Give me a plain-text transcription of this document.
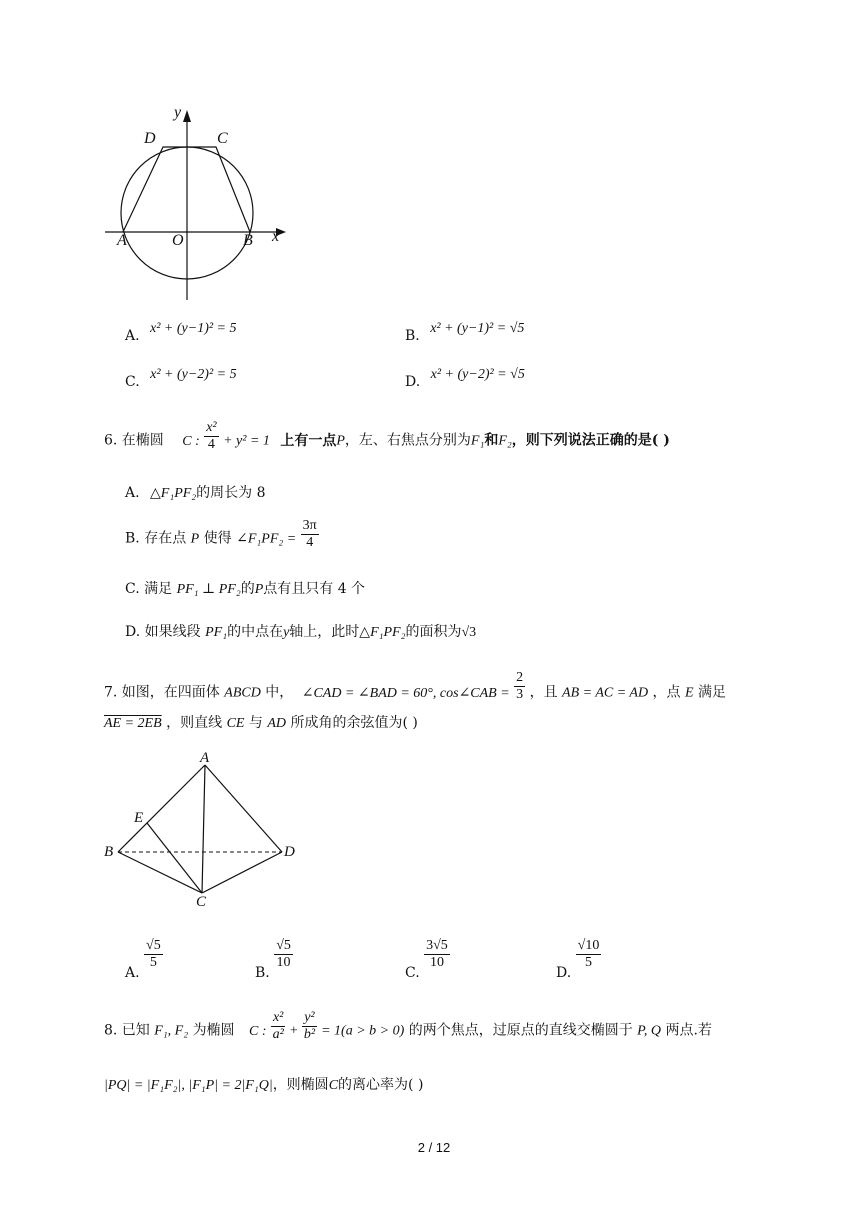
y
x
D	C
A	O	B
A. x² + (y−1)² = 5	B. x² + (y−1)² = √5
C. x² + (y−2)² = 5	D. x² + (y−2)² = √5
6. 在椭圆 C : $\frac{\text{x²}}{4} + y^2 = 1$ 上有一点P，左、右焦点分别为F₁和F₂，则下列说法正确的是( )
A. △F₁PF₂的周长为 8
B. 存在点 P 使得 ∠F₁PF₂ = $\frac{3\pi}{4}$
C. 满足 PF₁ ⊥ PF₂的P点有且只有 4 个
D. 如果线段 PF₁的中点在y轴上，此时△F₁PF₂的面积为√3
7. 如图，在四面体 ABCD 中， ∠CAD = ∠BAD = 60°, cos∠CAB = $\frac{2}{3}$ ，且 AB = AC = AD ，点 E 满足
AE = 2EB ，则直线 CE 与 AD 所成角的余弦值为( )
A
E
B	D
C
A.
$\frac{√5}{5}$
B.
$\frac{√5}{10}$
C.
$\frac{3√5}{10}$
D.
$\frac{√10}{5}$
8. 已知 F₁, F₂ 为椭圆 C : $\frac{\text{x²}}{\text{a²}} + \frac{\text{y²}}{\text{b²}} = 1(a > b > 0)$ 的两个焦点，过原点的直线交椭圆于 P, Q 两点.若
|PQ| = |F₁F₂|, |F₁P| = 2|F₁Q|，则椭圆C的离心率为( )
2 / 12
